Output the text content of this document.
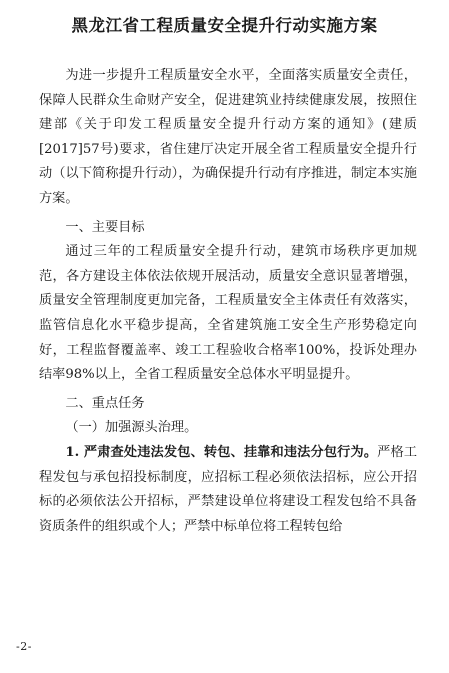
黑龙江省工程质量安全提升行动实施方案

为进一步提升工程质量安全水平，全面落实质量安全责任，保障人民群众生命财产安全，促进建筑业持续健康发展，按照住建部《关于印发工程质量安全提升行动方案的通知》(建质[2017]57号)要求，省住建厅决定开展全省工程质量安全提升行动（以下简称提升行动），为确保提升行动有序推进，制定本实施方案。

一、主要目标

通过三年的工程质量安全提升行动，建筑市场秩序更加规范，各方建设主体依法依规开展活动，质量安全意识显著增强，质量安全管理制度更加完备，工程质量安全主体责任有效落实，监管信息化水平稳步提高，全省建筑施工安全生产形势稳定向好，工程监督覆盖率、竣工工程验收合格率100%，投诉处理办结率98%以上，全省工程质量安全总体水平明显提升。

二、重点任务

（一）加强源头治理。

1. 严肃查处违法发包、转包、挂靠和违法分包行为。严格工程发包与承包招投标制度，应招标工程必须依法招标，应公开招标的必须依法公开招标，严禁建设单位将建设工程发包给不具备资质条件的组织或个人；严禁中标单位将工程转包给

-2-
